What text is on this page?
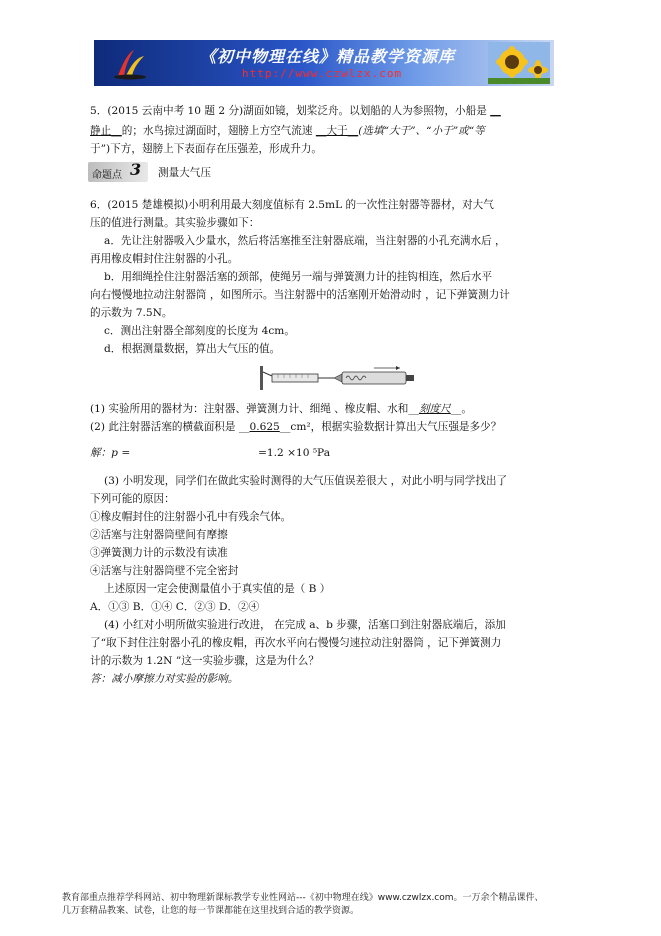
《初中物理在线》精品教学资源库
http://www.czwlzx.com
5．(2015 云南中考 10 题 2 分)湖面如镜，划桨泛舟。以划船的人为参照物，小船是 __
静止__的；水鸟掠过湖面时，翅膀上方空气流速 __大于__(选填“大于”、“小于”或“等
于”)下方，翅膀上下表面存在压强差，形成升力。
命题点 3 测量大气压
6．(2015 楚雄模拟)小明利用最大刻度值标有 2.5mL 的一次性注射器等器材，对大气
压的值进行测量。其实验步骤如下：
a．先让注射器吸入少量水，然后将活塞推至注射器底端，当注射器的小孔充满水后 ，
再用橡皮帽封住注射器的小孔。
b．用细绳拴住注射器活塞的颈部，使绳另一端与弹簧测力计的挂钩相连，然后水平
向右慢慢地拉动注射器筒 ，如图所示。当注射器中的活塞刚开始滑动时 ，记下弹簧测力计
的示数为 7.5N。
c．测出注射器全部刻度的长度为 4cm。
d．根据测量数据，算出大气压的值。
(1) 实验所用的器材为：注射器、弹簧测力计、细绳 、橡皮帽、水和__刻度尺__。
(2) 此注射器活塞的横截面积是 __0.625__cm²，根据实验数据计算出大气压强是多少？
解：p =	=1.2 ×10 ⁵Pa
(3) 小明发现，同学们在做此实验时测得的大气压值误差很大 ，对此小明与同学找出了
下列可能的原因：
①橡皮帽封住的注射器小孔中有残余气体。
②活塞与注射器筒壁间有摩擦
③弹簧测力计的示数没有读准
④活塞与注射器筒壁不完全密封
上述原因一定会使测量值小于真实值的是（ B ）
A．①③ B．①④ C．②③ D．②④
(4) 小红对小明所做实验进行改进， 在完成 a、b 步骤，活塞口到注射器底端后，添加
了“取下封住注射器小孔的橡皮帽，再次水平向右慢慢匀速拉动注射器筒 ，记下弹簧测力
计的示数为 1.2N ”这一实验步骤，这是为什么？
答：减小摩擦力对实验的影响。
教育部重点推荐学科网站、初中物理新课标教学专业性网站---《初中物理在线》www.czwlzx.com。一万余个精品课件、
几万套精品教案、试卷，让您的每一节课都能在这里找到合适的教学资源。
